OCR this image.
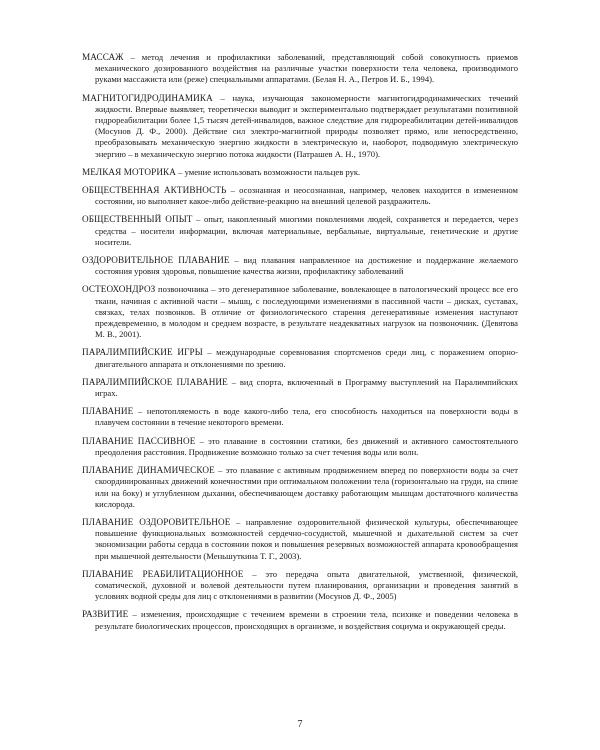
МАССАЖ – метод лечения и профилактики заболеваний, представляющий собой совокупность приемов механического дозированного воздействия на различные участки поверхности тела человека, производимого руками массажиста или (реже) специальными аппаратами. (Белая Н. А., Петров И. Б., 1994).

МАГНИТОГИДРОДИНАМИКА – наука, изучающая закономерности магнитогидродинамических течений жидкости. Впервые выявляет, теоретически выводит и экспериментально подтверждает результатами позитивной гидрореабилитации более 1,5 тысяч детей-инвалидов, важное следствие для гидрореабилитации детей-инвалидов (Мосунов Д. Ф., 2000). Действие сил электро-магнитной природы позволяет прямо, или непосредственно, преобразовывать механическую энергию жидкости в электрическую и, наоборот, подводимую электрическую энергию – в механическую энергию потока жидкости (Патрашев А. Н., 1970).

МЕЛКАЯ МОТОРИКА – умение использовать возможности пальцев рук.

ОБЩЕСТВЕННАЯ АКТИВНОСТЬ – осознанная и неосознанная, например, человек находится в измененном состоянии, но выполняет какое-либо действие-реакцию на внешний целевой раздражитель.

ОБЩЕСТВЕННЫЙ ОПЫТ – опыт, накопленный многими поколениями людей, сохраняется и передается, через средства – носители информации, включая материальные, вербальные, виртуальные, генетические и другие носители.

ОЗДОРОВИТЕЛЬНОЕ ПЛАВАНИЕ – вид плавания направленное на достижение и поддержание желаемого состояния уровня здоровья, повышение качества жизни, профилактику заболеваний

ОСТЕОХОНДРОЗ позвоночника – это дегенеративное заболевание, вовлекающее в патологический процесс все его ткани, начиная с активной части – мышц, с последующими изменениями в пассивной части – дисках, суставах, связках, телах позвонков. В отличие от физиологического старения дегенеративные изменения наступают преждевременно, в молодом и среднем возрасте, в результате неадекватных нагрузок на позвоночник. (Девятова М. В., 2001).

ПАРАЛИМПИЙСКИЕ ИГРЫ – международные соревнования спортсменов среди лиц, с поражением опорно-двигательного аппарата и отклонениями по зрению.

ПАРАЛИМПИЙСКОЕ ПЛАВАНИЕ – вид спорта, включенный в Программу выступлений на Паралимпийских играх.

ПЛАВАНИЕ – непотопляемость в воде какого-либо тела, его способность находиться на поверхности воды в плавучем состоянии в течение некоторого времени.

ПЛАВАНИЕ ПАССИВНОЕ – это плавание в состоянии статики, без движений и активного самостоятельного преодоления расстояния. Продвижение возможно только за счет течения воды или волн.

ПЛАВАНИЕ ДИНАМИЧЕСКОЕ – это плавание с активным продвижением вперед по поверхности воды за счет скоординированных движений конечностями при оптимальном положении тела (горизонтально на груди, на спине или на боку) и углубленном дыхании, обеспечивающем доставку работающим мышцам достаточного количества кислорода.

ПЛАВАНИЕ ОЗДОРОВИТЕЛЬНОЕ – направление оздоровительной физической культуры, обеспечивающее повышение функциональных возможностей сердечно-сосудистой, мышечной и дыхательной систем за счет экономизации работы сердца в состоянии покоя и повышения резервных возможностей аппарата кровообращения при мышечной деятельности (Меньшуткина Т. Г., 2003).

ПЛАВАНИЕ РЕАБИЛИТАЦИОННОЕ – это передача опыта двигательной, умственной, физической, соматической, духовной и волевой деятельности путем планирования, организации и проведения занятий в условиях водной среды для лиц с отклонениями в развитии (Мосунов Д. Ф., 2005)

РАЗВИТИЕ – изменения, происходящие с течением времени в строении тела, психике и поведении человека в результате биологических процессов, происходящих в организме, и воздействия социума и окружающей среды.

7
